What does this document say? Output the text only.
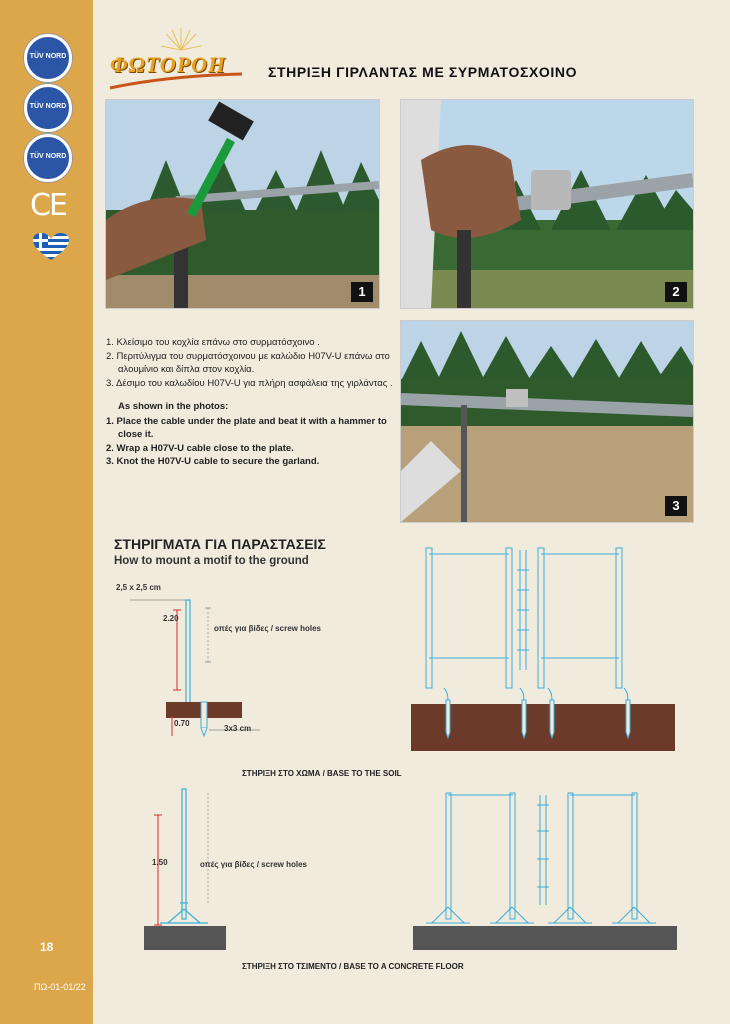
TÜV NORD
TÜV NORD
TÜV NORD
CE
18
ΠΩ-01-01/22
ΦΩΤΟΡΟΗ	ΣΤΗΡΙΞΗ ΓΙΡΛΑΝΤΑΣ ΜΕ ΣΥΡΜΑΤΟΣΧΟΙΝΟ
1	2
3

1. Κλείσιμο του κοχλία επάνω στο συρματόσχοινο .

2. Περιτύλιγμα του συρματόσχοινου με καλώδιο H07V-U επάνω στο αλουμίνιο και δίπλα στον κοχλία.

3. Δέσιμο του καλωδίου H07V-U για πλήρη ασφάλεια της γιρλάντας .

As shown in the photos:

1. Place the cable under the plate and beat it with a hammer to close it.

2. Wrap a H07V-U cable close to the plate.

3. Knot the H07V-U cable to secure the garland.

ΣΤΗΡΙΓΜΑΤΑ ΓΙΑ ΠΑΡΑΣΤΑΣΕΙΣ
How to mount a motif to the ground
2,5 x 2,5 cm
2.20
οπές για βίδες / screw holes
0.70
3x3 cm
ΣΤΗΡΙΞΗ ΣΤΟ ΧΩΜΑ / BASE TO THE SOIL
1.50	οπές για βίδες / screw holes
ΣΤΗΡΙΞΗ ΣΤΟ ΤΣΙΜΕΝΤΟ / BASE TO A CONCRETE FLOOR
